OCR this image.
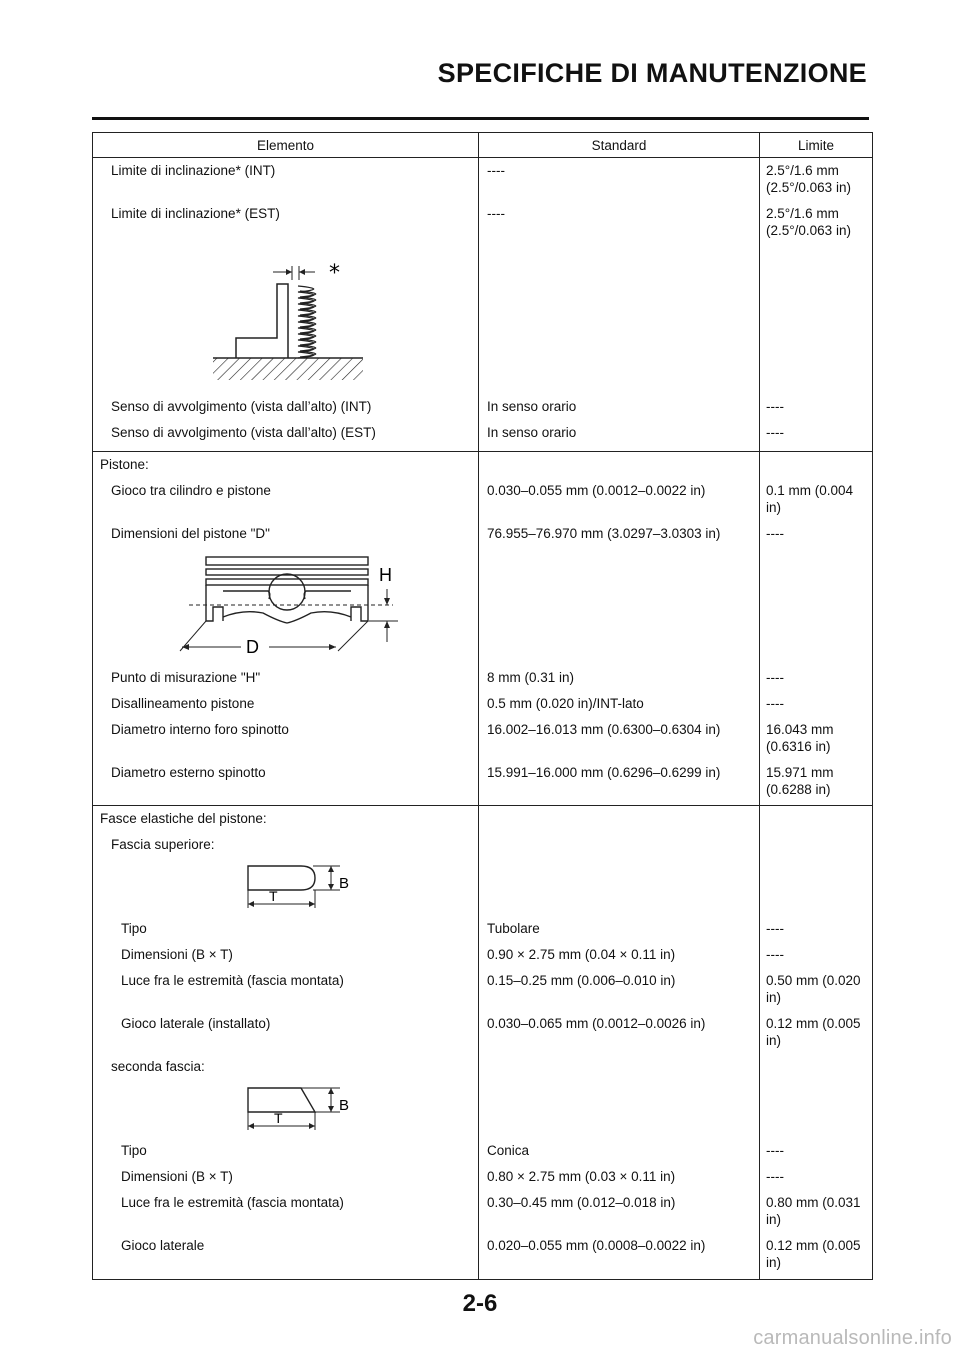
SPECIFICHE DI MANUTENZIONE
Elemento	Standard	Limite

Limite di inclinazione* (INT)	----	2.5°/1.6 mm (2.5°/0.063 in)

Limite di inclinazione* (EST)	----	2.5°/1.6 mm (2.5°/0.063 in)

*		

Senso di avvolgimento (vista dall’alto) (INT)	In senso orario	----

Senso di avvolgimento (vista dall’alto) (EST)	In senso orario	----

Pistone:		

Gioco tra cilindro e pistone	0.030–0.055 mm (0.0012–0.0022 in)	0.1 mm (0.004 in)

Dimensioni del pistone "D"	76.955–76.970 mm (3.0297–3.0303 in)	----

D
H		

Punto di misurazione "H"	8 mm (0.31 in)	----

Disallineamento pistone	0.5 mm (0.020 in)/INT-lato	----

Diametro interno foro spinotto	16.002–16.013 mm (0.6300–0.6304 in)	16.043 mm (0.6316 in)

Diametro esterno spinotto	15.991–16.000 mm (0.6296–0.6299 in)	15.971 mm (0.6288 in)

Fasce elastiche del pistone:		

Fascia superiore:		

B
T		

Tipo	Tubolare	----

Dimensioni (B × T)	0.90 × 2.75 mm (0.04 × 0.11 in)	----

Luce fra le estremità (fascia montata)	0.15–0.25 mm (0.006–0.010 in)	0.50 mm (0.020 in)

Gioco laterale (installato)	0.030–0.065 mm (0.0012–0.0026 in)	0.12 mm (0.005 in)

seconda fascia:		

B
T		

Tipo	Conica	----

Dimensioni (B × T)	0.80 × 2.75 mm (0.03 × 0.11 in)	----

Luce fra le estremità (fascia montata)	0.30–0.45 mm (0.012–0.018 in)	0.80 mm (0.031 in)

Gioco laterale	0.020–0.055 mm (0.0008–0.0022 in)	0.12 mm (0.005 in)

2-6

carmanualsonline.info
